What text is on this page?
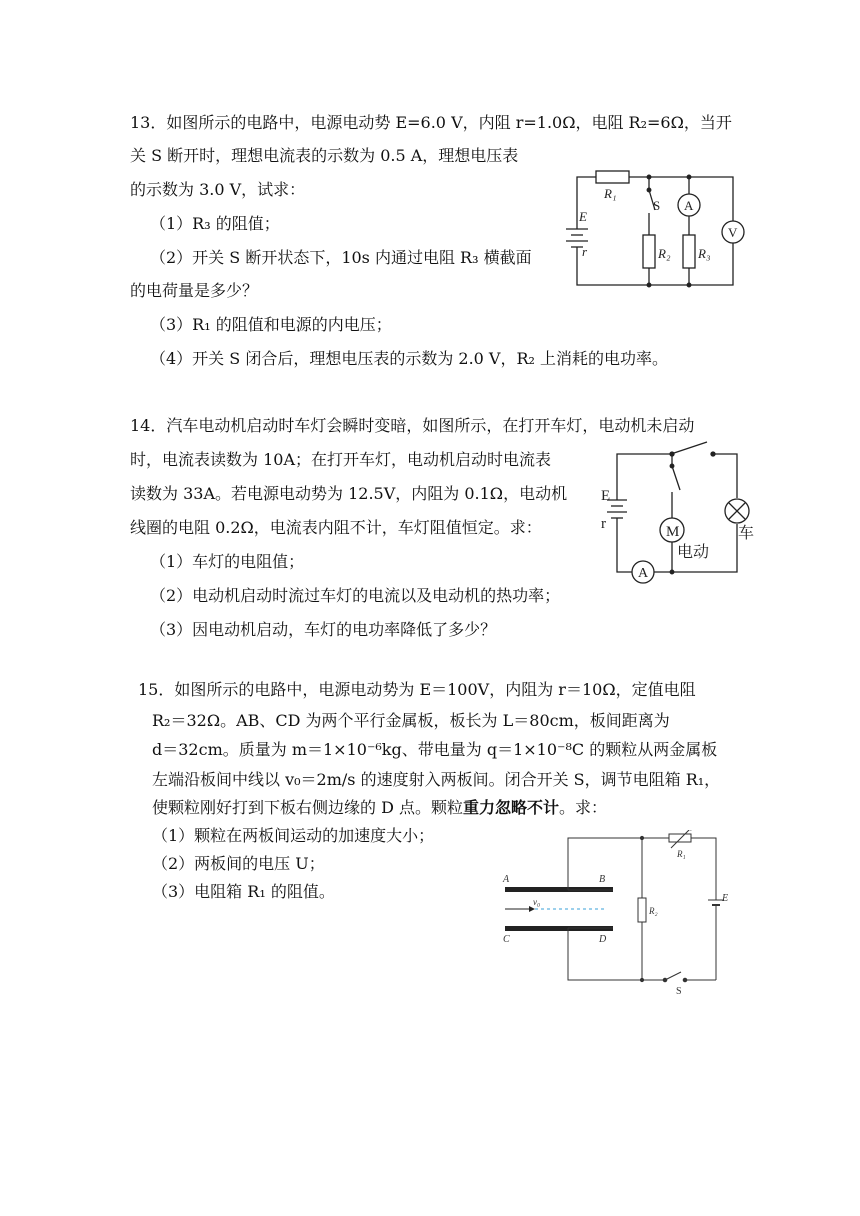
13．如图所示的电路中，电源电动势 E=6.0 V，内阻 r=1.0Ω，电阻 R₂=6Ω，当开
关 S 断开时，理想电流表的示数为 0.5 A，理想电压表
的示数为 3.0 V，试求：
（1）R₃ 的阻值；
（2）开关 S 断开状态下，10s 内通过电阻 R₃ 横截面
的电荷量是多少？
（3）R₁ 的阻值和电源的内电压；
（4）开关 S 闭合后，理想电压表的示数为 2.0 V，R₂ 上消耗的电功率。
R₁
S
E
r	R₂ R₃
A
V
14．汽车电动机启动时车灯会瞬时变暗，如图所示，在打开车灯，电动机未启动
时，电流表读数为 10A；在打开车灯，电动机启动时电流表
读数为 33A。若电源电动势为 12.5V，内阻为 0.1Ω，电动机
线圈的电阻 0.2Ω，电流表内阻不计，车灯阻值恒定。求：
（1）车灯的电阻值；
（2）电动机启动时流过车灯的电流以及电动机的热功率；
（3）因电动机启动，车灯的电功率降低了多少？
E
r	M
电动
车
A
15．如图所示的电路中，电源电动势为 E＝100V，内阻为 r＝10Ω，定值电阻
R₂＝32Ω。AB、CD 为两个平行金属板，板长为 L＝80cm，板间距离为
d＝32cm。质量为 m＝1×10⁻⁶kg、带电量为 q＝1×10⁻⁸C 的颗粒从两金属板
左端沿板间中线以 v₀＝2m/s 的速度射入两板间。闭合开关 S，调节电阻箱 R₁，
使颗粒刚好打到下板右侧边缘的 D 点。颗粒重力忽略不计。求：
（1）颗粒在两板间运动的加速度大小；
（2）两板间的电压 U；
（3）电阻箱 R₁ 的阻值。
A	B
C	D
v₀
R₁
R₂
E
S
